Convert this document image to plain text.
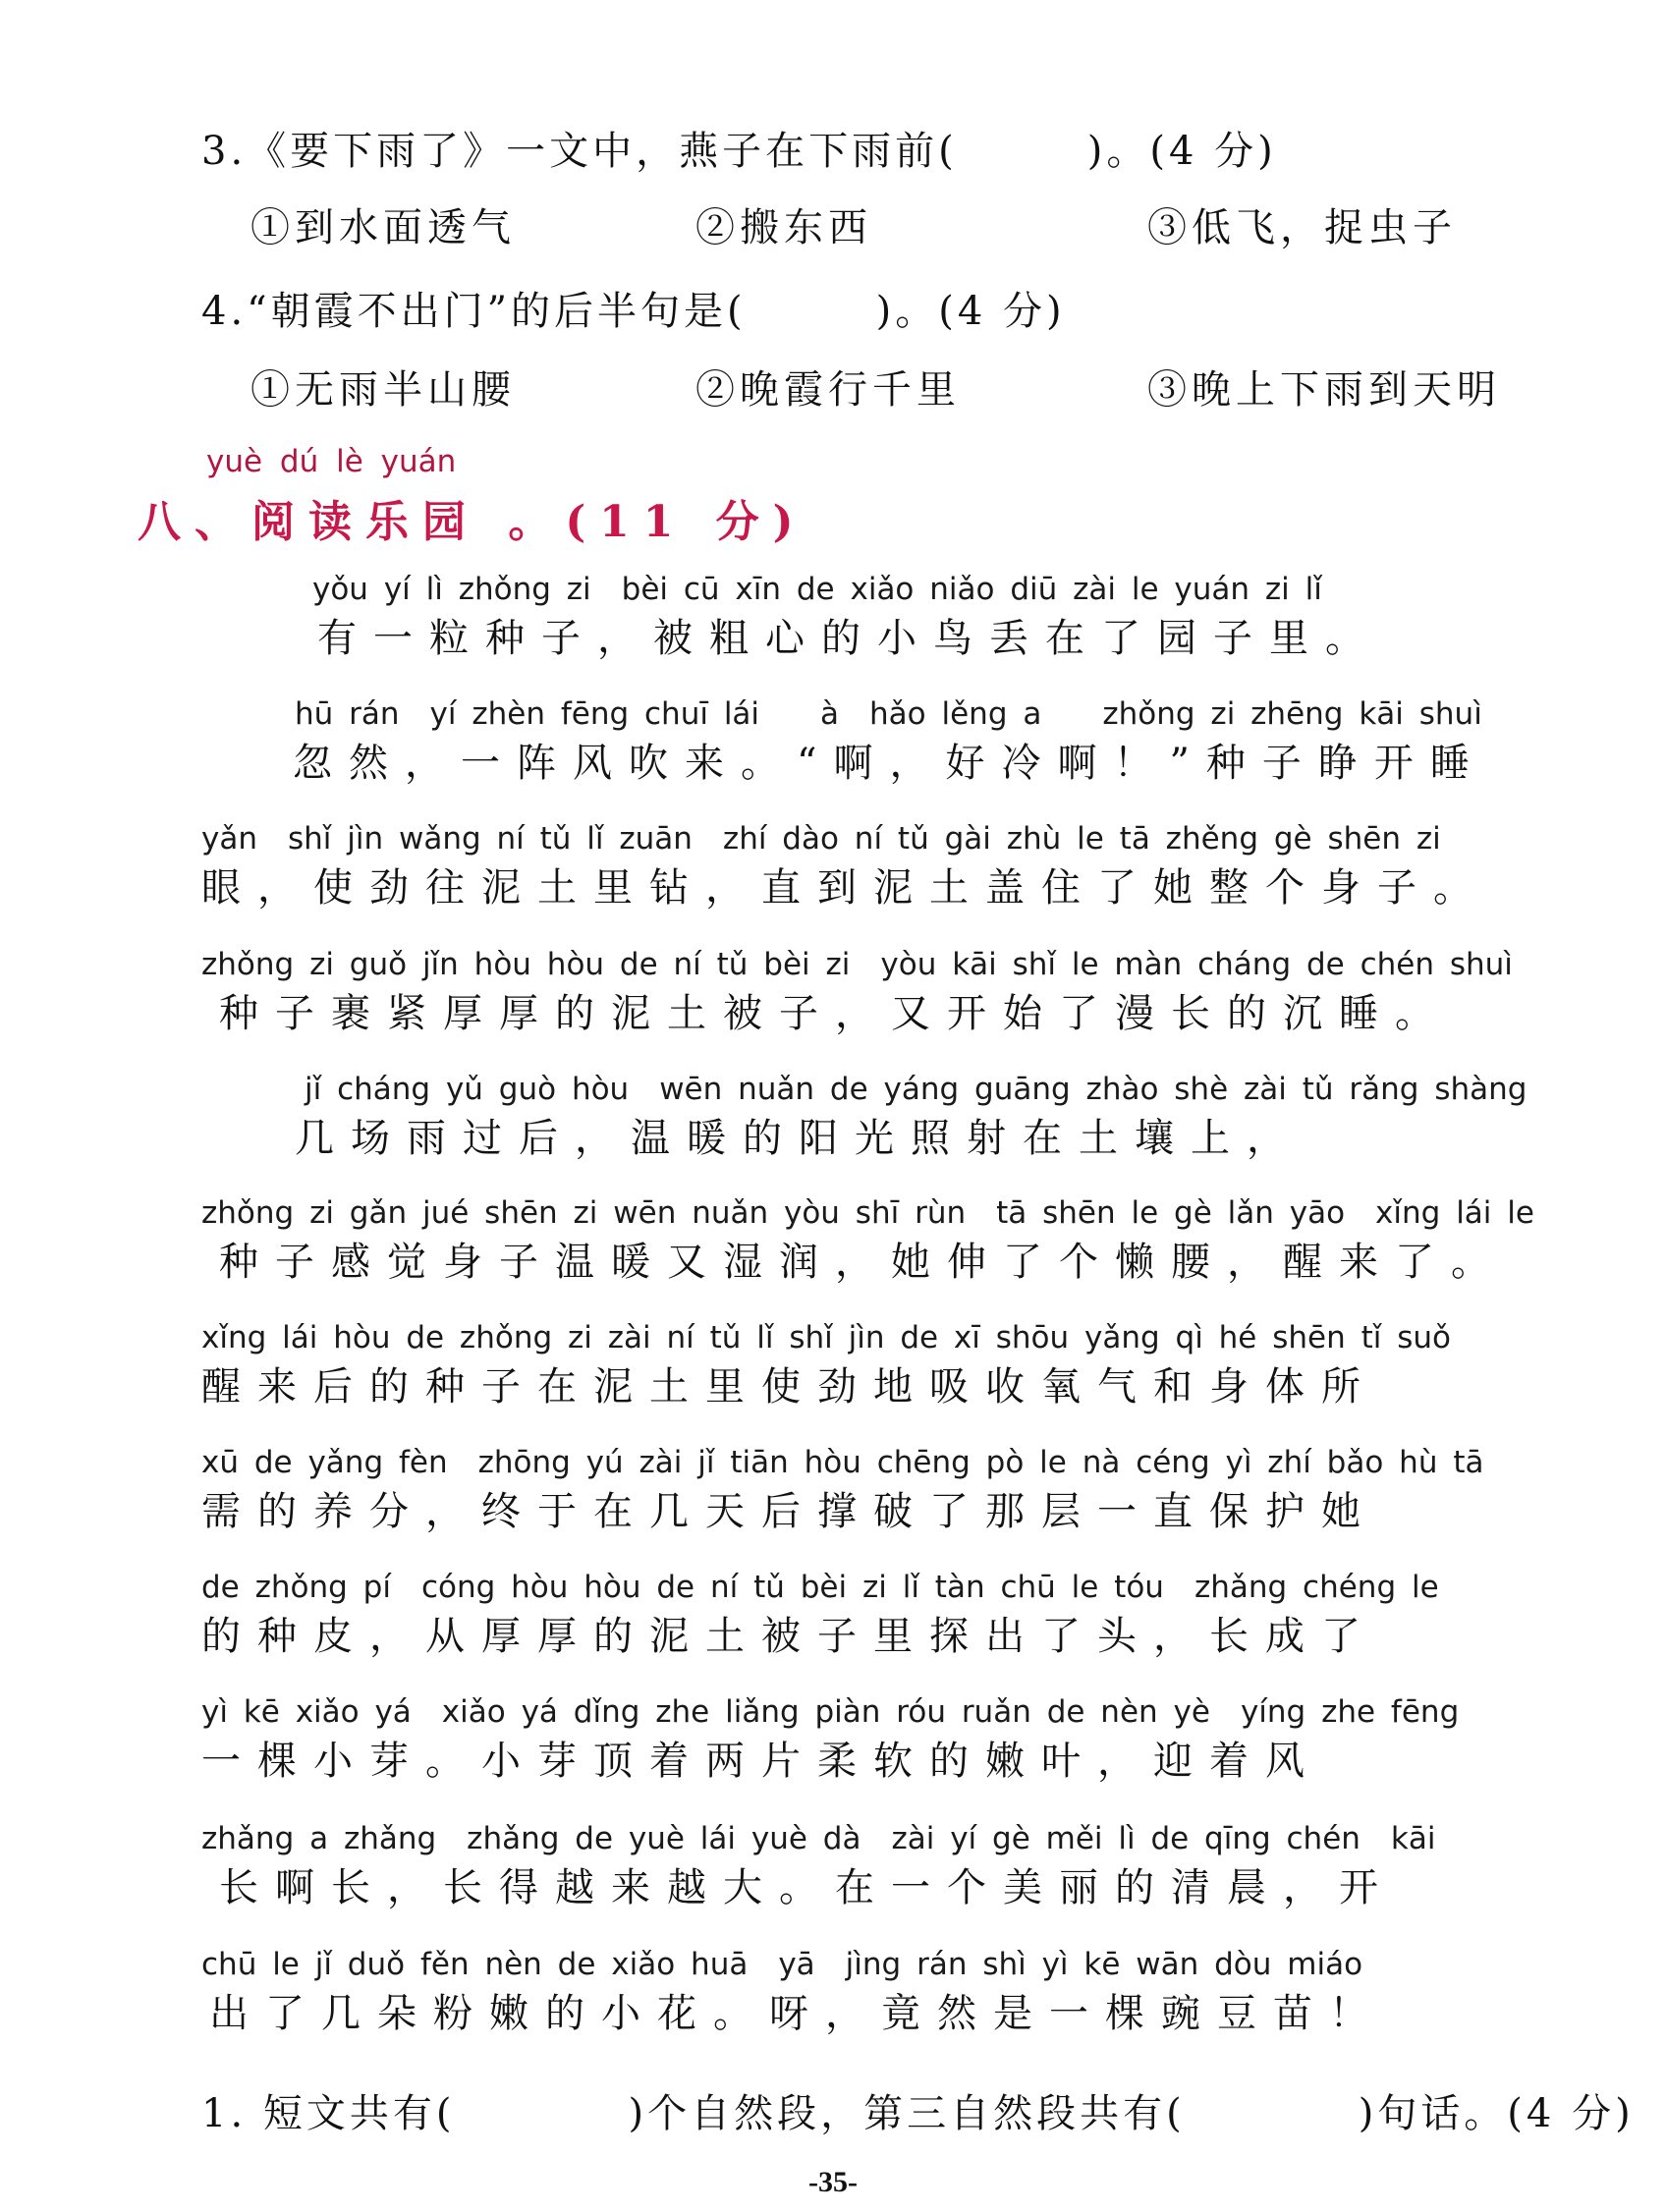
3.《要下雨了》一文中，燕子在下雨前(　　　)。(4 分)
①到水面透气	②搬东西	③低飞，捉虫子
4.“朝霞不出门”的后半句是(　　　)。(4 分)
①无雨半山腰	②晚霞行千里	③晚上下雨到天明
yuè dú lè yuán
八、阅读乐园 。(11 分)
yǒu yí lì zhǒng zi　bèi cū xīn de xiǎo niǎo diū zài le yuán zi lǐ
有一粒种子，被粗心的小鸟丢在了园子里。
hū rán　yí zhèn fēng chuī lái　　à　hǎo lěng a　　zhǒng zi zhēng kāi shuì
忽然，一阵风吹来。“啊，好冷啊！”种子睁开睡
yǎn　shǐ jìn wǎng ní tǔ lǐ zuān　zhí dào ní tǔ gài zhù le tā zhěng gè shēn zi
眼，使劲往泥土里钻，直到泥土盖住了她整个身子。
zhǒng zi guǒ jǐn hòu hòu de ní tǔ bèi zi　yòu kāi shǐ le màn cháng de chén shuì
种子裹紧厚厚的泥土被子，又开始了漫长的沉睡。
jǐ cháng yǔ guò hòu　wēn nuǎn de yáng guāng zhào shè zài tǔ rǎng shàng
几场雨过后，温暖的阳光照射在土壤上，
zhǒng zi gǎn jué shēn zi wēn nuǎn yòu shī rùn　tā shēn le gè lǎn yāo　xǐng lái le
种子感觉身子温暖又湿润，她伸了个懒腰，醒来了。
xǐng lái hòu de zhǒng zi zài ní tǔ lǐ shǐ jìn de xī shōu yǎng qì hé shēn tǐ suǒ
醒来后的种子在泥土里使劲地吸收氧气和身体所
xū de yǎng fèn　zhōng yú zài jǐ tiān hòu chēng pò le nà céng yì zhí bǎo hù tā
需的养分，终于在几天后撑破了那层一直保护她
de zhǒng pí　cóng hòu hòu de ní tǔ bèi zi lǐ tàn chū le tóu　zhǎng chéng le
的种皮，从厚厚的泥土被子里探出了头，长成了
yì kē xiǎo yá　xiǎo yá dǐng zhe liǎng piàn róu ruǎn de nèn yè　yíng zhe fēng
一棵小芽。小芽顶着两片柔软的嫩叶，迎着风
zhǎng a zhǎng　zhǎng de yuè lái yuè dà　zài yí gè měi lì de qīng chén　kāi
长啊长，长得越来越大。在一个美丽的清晨，开
chū le jǐ duǒ fěn nèn de xiǎo huā　yā　jìng rán shì yì kē wān dòu miáo
出了几朵粉嫩的小花。呀，竟然是一棵豌豆苗！
1. 短文共有(　　　　)个自然段，第三自然段共有(　　　　)句话。(4 分)
-35-
